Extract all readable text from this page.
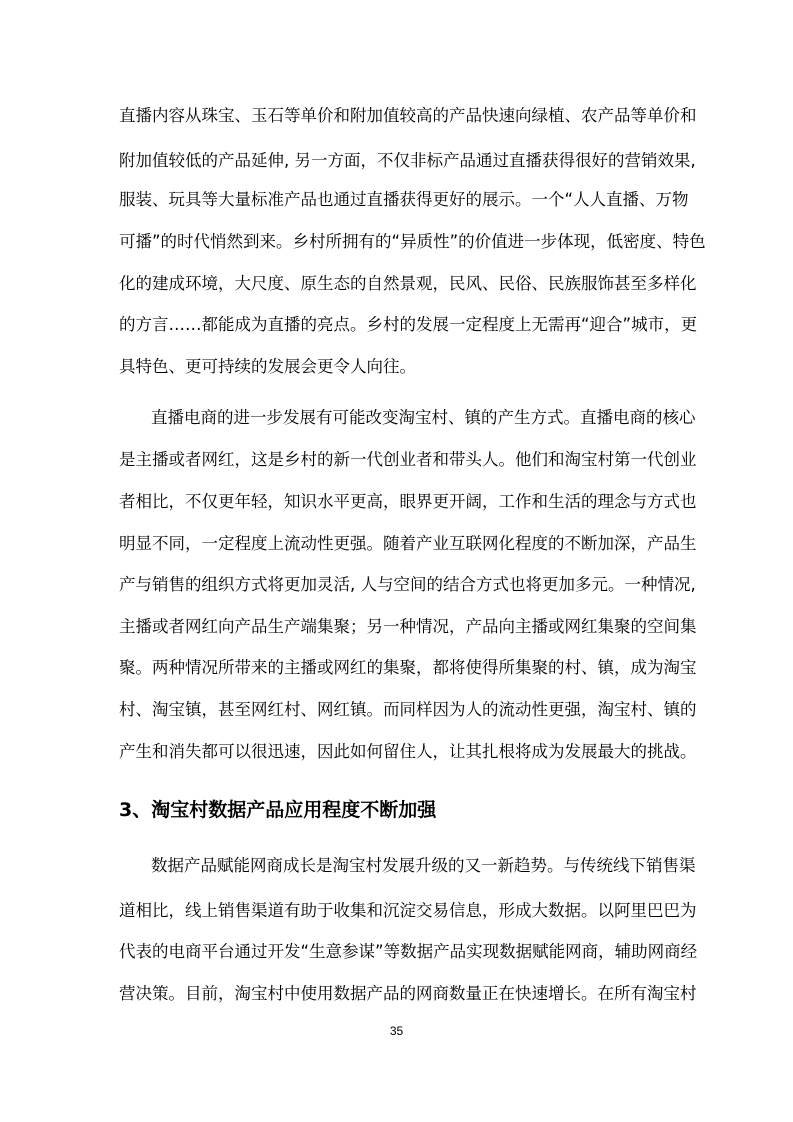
直播内容从珠宝、玉石等单价和附加值较高的产品快速向绿植、农产品等单价和
附加值较低的产品延伸, 另一方面，不仅非标产品通过直播获得很好的营销效果,
服装、玩具等大量标准产品也通过直播获得更好的展示。一个“人人直播、万物
可播”的时代悄然到来。乡村所拥有的“异质性”的价值进一步体现，低密度、特色
化的建成环境，大尺度、原生态的自然景观，民风、民俗、民族服饰甚至多样化
的方言……都能成为直播的亮点。乡村的发展一定程度上无需再“迎合”城市，更
具特色、更可持续的发展会更令人向往。
直播电商的进一步发展有可能改变淘宝村、镇的产生方式。直播电商的核心
是主播或者网红，这是乡村的新一代创业者和带头人。他们和淘宝村第一代创业
者相比，不仅更年轻，知识水平更高，眼界更开阔，工作和生活的理念与方式也
明显不同，一定程度上流动性更强。随着产业互联网化程度的不断加深，产品生
产与销售的组织方式将更加灵活, 人与空间的结合方式也将更加多元。一种情况,
主播或者网红向产品生产端集聚；另一种情况，产品向主播或网红集聚的空间集
聚。两种情况所带来的主播或网红的集聚，都将使得所集聚的村、镇，成为淘宝
村、淘宝镇，甚至网红村、网红镇。而同样因为人的流动性更强，淘宝村、镇的
产生和消失都可以很迅速，因此如何留住人，让其扎根将成为发展最大的挑战。
3、淘宝村数据产品应用程度不断加强
数据产品赋能网商成长是淘宝村发展升级的又一新趋势。与传统线下销售渠
道相比，线上销售渠道有助于收集和沉淀交易信息，形成大数据。以阿里巴巴为
代表的电商平台通过开发“生意参谋”等数据产品实现数据赋能网商，辅助网商经
营决策。目前，淘宝村中使用数据产品的网商数量正在快速增长。在所有淘宝村
35
